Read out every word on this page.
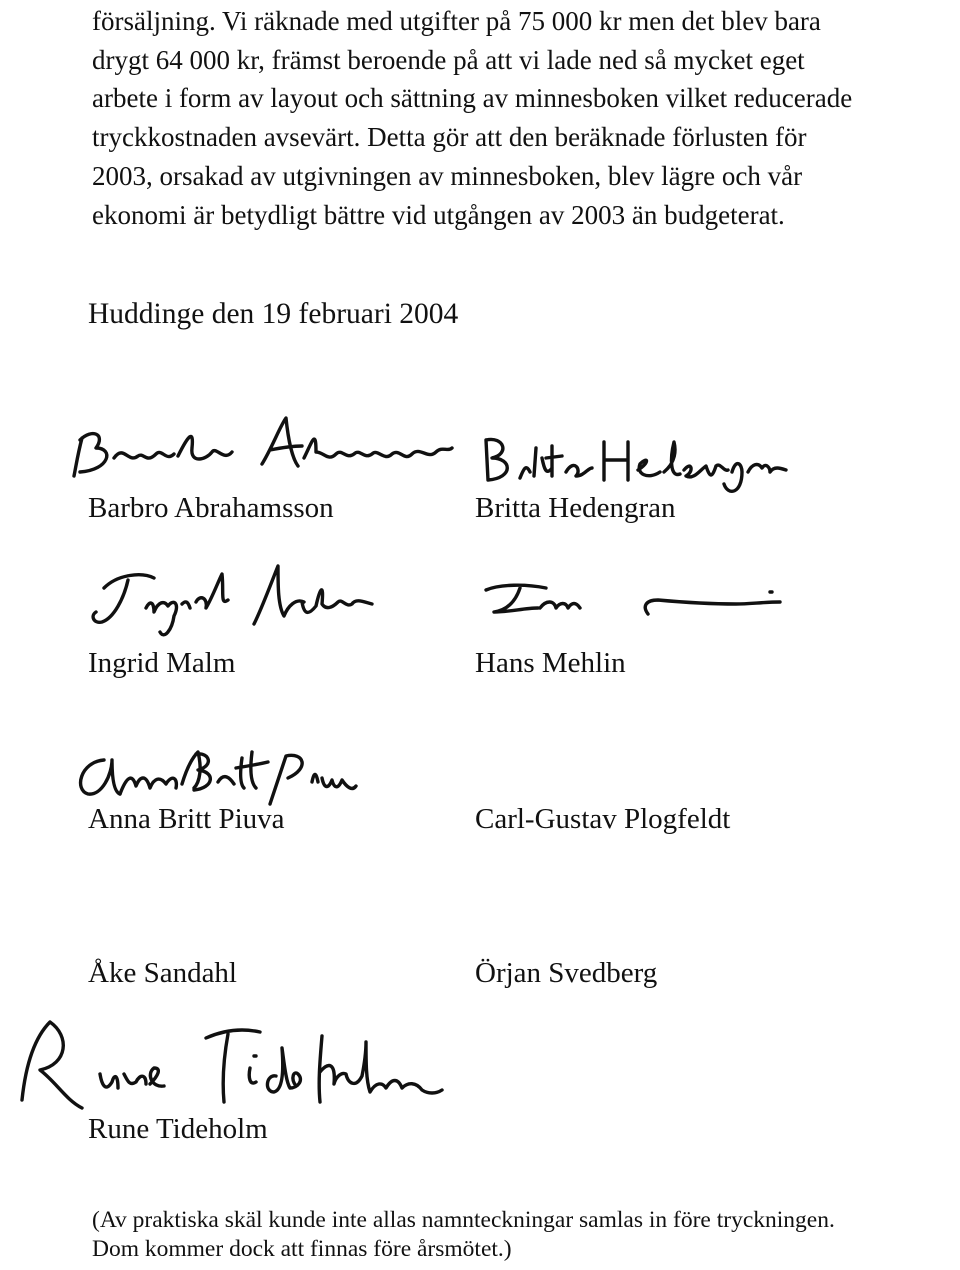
försäljning. Vi räknade med utgifter på 75 000 kr men det blev bara
drygt 64 000 kr, främst beroende på att vi lade ned så mycket eget
arbete i form av layout och sättning av minnesboken vilket reducerade
tryckkostnaden avsevärt. Detta gör att den beräknade förlusten för
2003, orsakad av utgivningen av minnesboken, blev lägre och vår
ekonomi är betydligt bättre vid utgången av 2003 än budgeterat.

Huddinge den 19 februari 2004

Barbro Abrahamsson	Britta Hedengran

Ingrid Malm	Hans Mehlin

Anna Britt Piuva	Carl-Gustav Plogfeldt

Åke Sandahl	Örjan Svedberg

Rune Tideholm

(Av praktiska skäl kunde inte allas namnteckningar samlas in före tryckningen.
Dom kommer dock att finnas före årsmötet.)
